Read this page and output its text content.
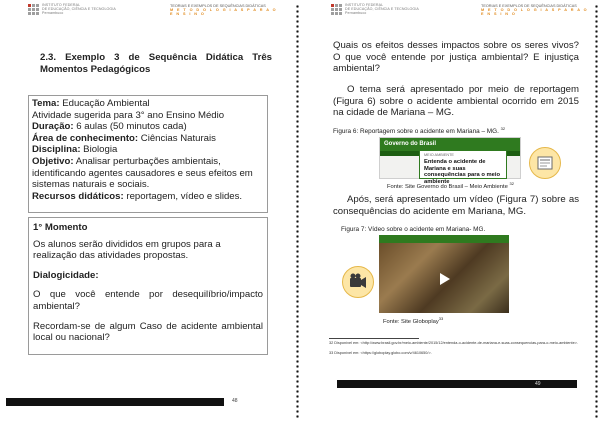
INSTITUTO FEDERAL
DE EDUCAÇÃO, CIÊNCIA E TECNOLOGIA
Pernambuco
TEORIAS E EXEMPLOS DE SEQUÊNCIAS DIDÁTICAS
M E T O D O L O G I A S P A R A O E N S I N O
2.3. Exemplo 3 de Sequência Didática Três Momentos Pedagógicos

Tema: Educação Ambiental

Atividade sugerida para 3° ano Ensino Médio

Duração: 6 aulas (50 minutos cada)

Área de conhecimento: Ciências Naturais

Disciplina: Biologia

Objetivo: Analisar perturbações ambientais, identificando agentes causadores e seus efeitos em sistemas naturais e sociais.

Recursos didáticos: reportagem, vídeo e slides.

1° Momento

Os alunos serão divididos em grupos para a realização das atividades propostas.

Dialogicidade:

O que você entende por desequilíbrio/impacto ambiental?

Recordam-se de algum Caso de acidente ambiental local ou nacional?

48
INSTITUTO FEDERAL
DE EDUCAÇÃO, CIÊNCIA E TECNOLOGIA
Pernambuco
TEORIAS E EXEMPLOS DE SEQUÊNCIAS DIDÁTICAS
M E T O D O L O G I A S P A R A O E N S I N O
Quais os efeitos desses impactos sobre os seres vivos? O que você entende por justiça ambiental? E injustiça ambiental?
O tema será apresentado por meio de reportagem (Figura 6) sobre o acidente ambiental ocorrido em 2015 na cidade de Mariana – MG.
Figura 6: Reportagem sobre o acidente em Mariana – MG. $^{32}$
Governo do Brasil
MEIO AMBIENTE
Entenda o acidente de Mariana e suas consequências para o meio ambiente
Fonte: Site Governo do Brasil – Meio Ambiente $^{32}$
Após, será apresentado um vídeo (Figura 7) sobre as consequências do acidente em Mariana, MG.
Figura 7: Vídeo sobre o acidente em Mariana- MG.
Fonte: Site Globoplay$^{33}$
32 Disponível em: <http://www.brasil.gov.br/meio-ambiente/2015/12/entenda-o-acidente-de-mariana-e-suas-consequencias-para-o-meio-ambiente>.
33 Disponível em: <https://globoplay.globo.com/v/4610650/>.
49
